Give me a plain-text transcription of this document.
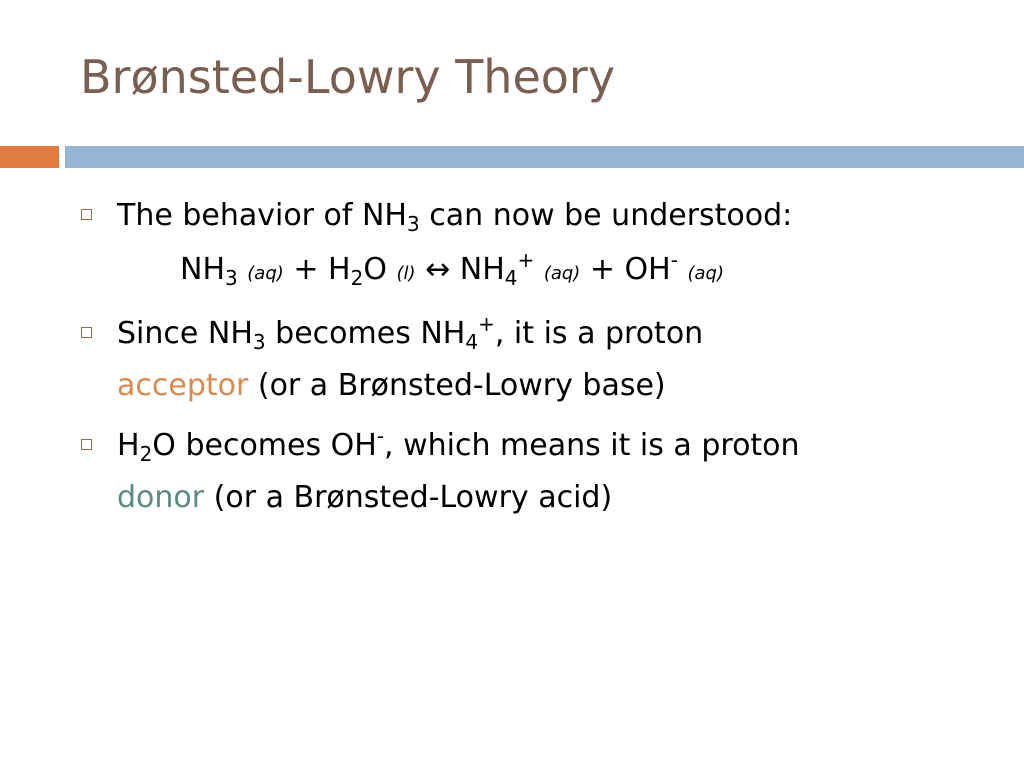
Brønsted-Lowry Theory
The behavior of $NH_3$ can now be understood:
$NH_3$ $(aq) + H_2O$ (l) ↔ $NH_4^+$ (aq) + OH- (aq)
Since $NH_3$ becomes $NH_4^+$, it is a proton
acceptor (or a Brønsted-Lowry base)
$H_2O$ becomes OH-, which means it is a proton
donor (or a Brønsted-Lowry acid)
